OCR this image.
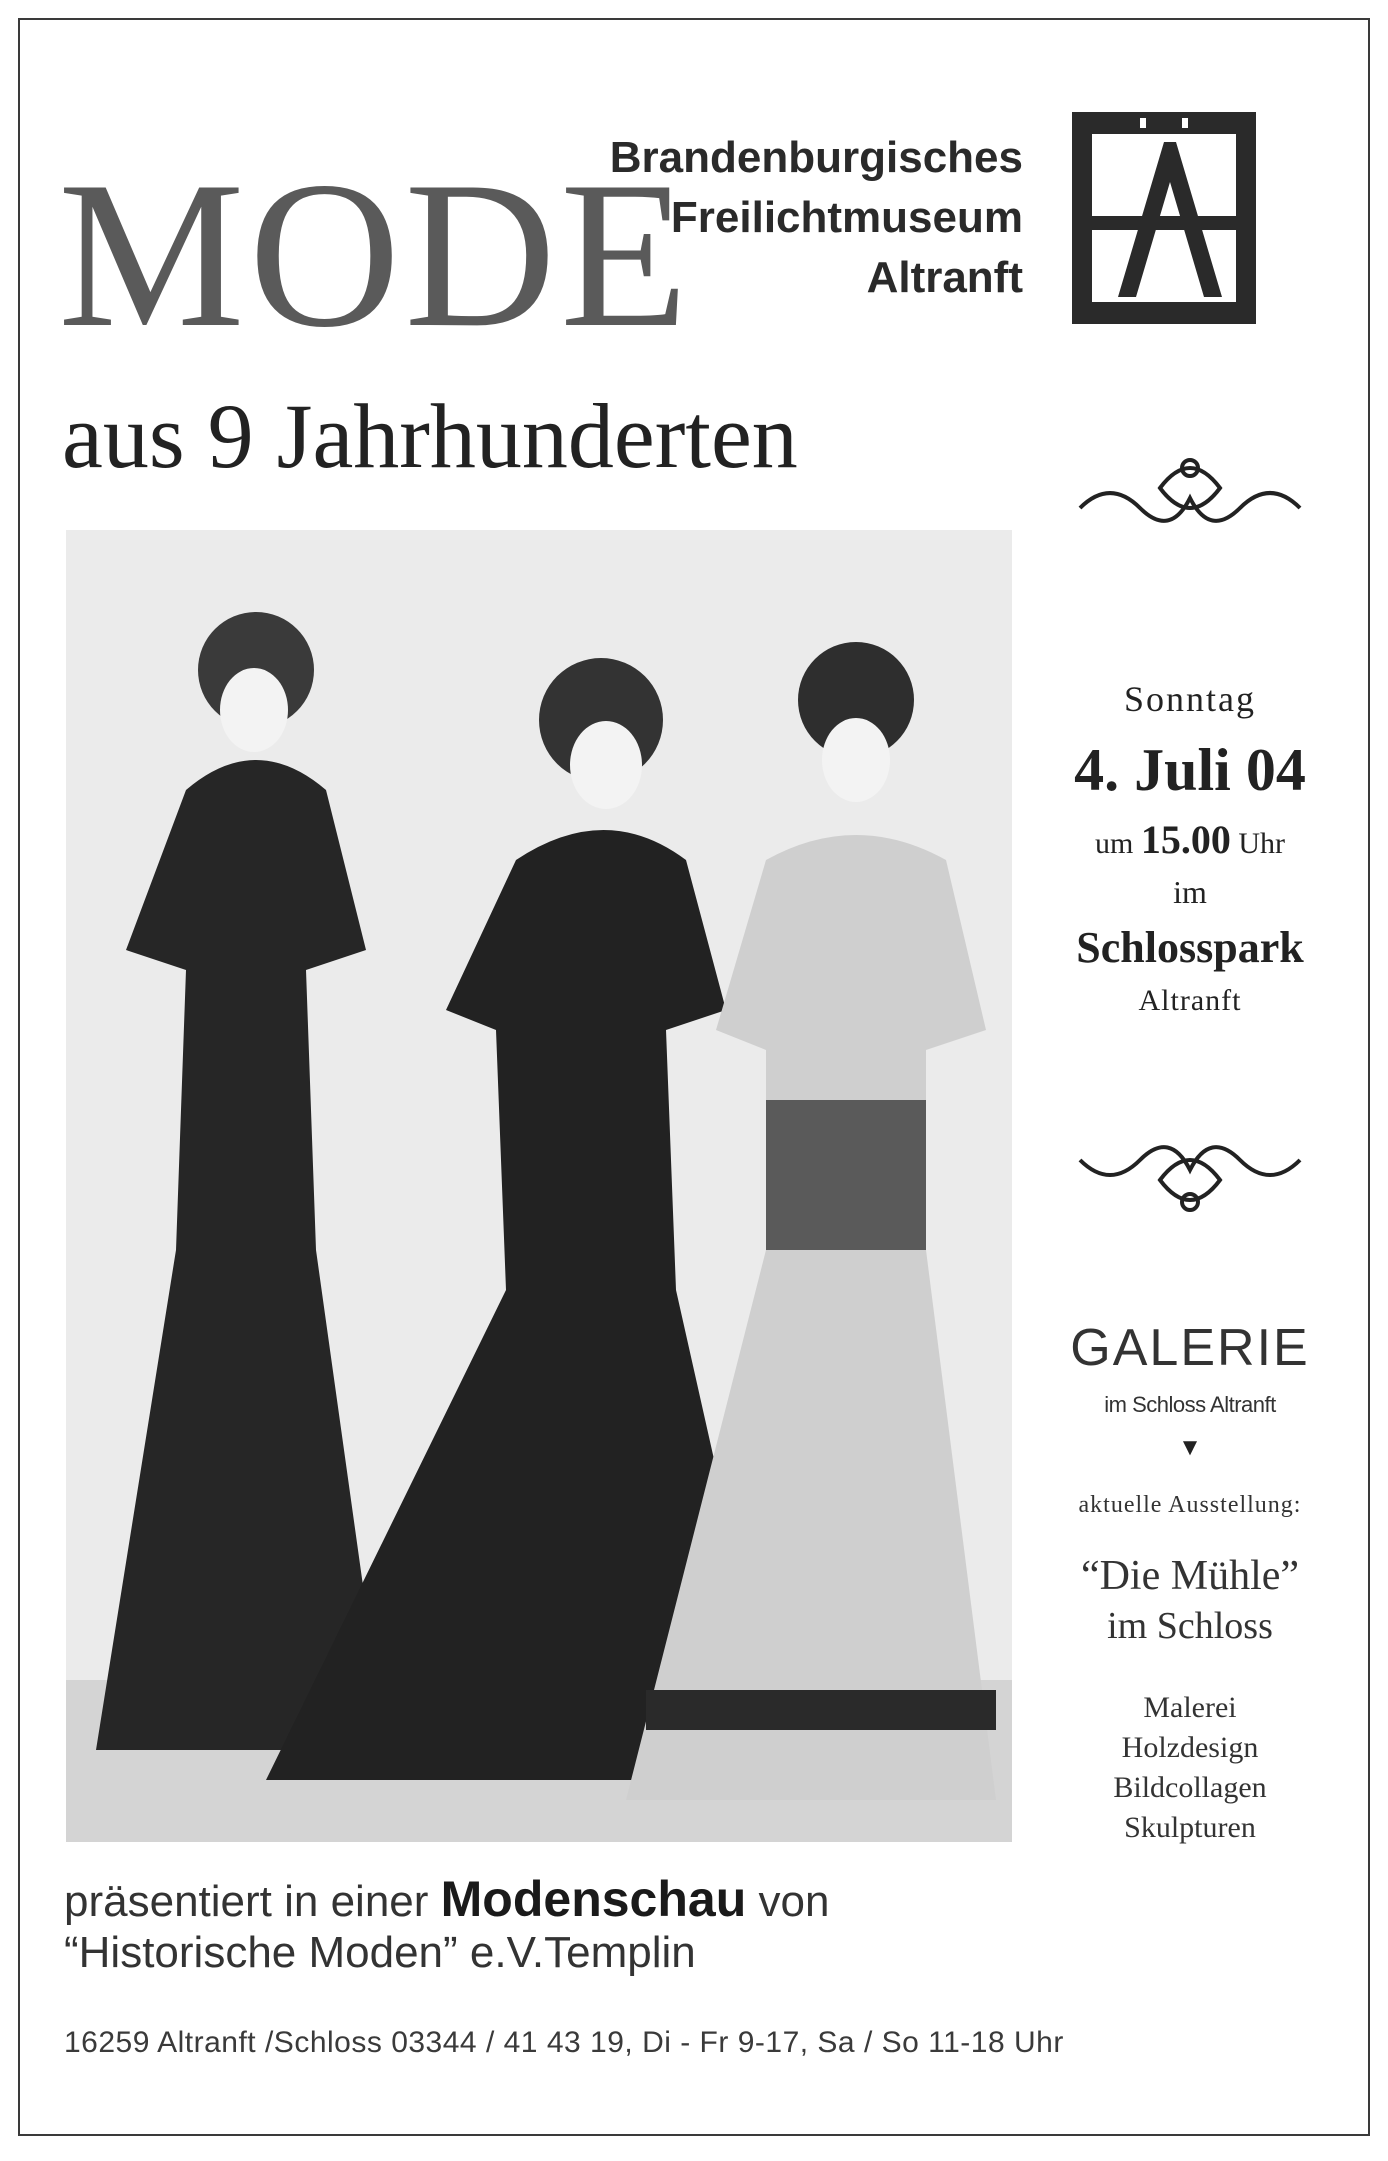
MODE
Brandenburgisches
Freilichtmuseum
Altranft
aus 9 Jahrhunderten
Sonntag
4. Juli 04
um 15.00 Uhr
im
Schlosspark
Altranft
GALERIE
im Schloss Altranft
▼
aktuelle Ausstellung:
“Die Mühle”
im Schloss
Malerei
Holzdesign
Bildcollagen
Skulpturen

präsentiert in einer Modenschau von

“Historische Moden” e.V.Templin

16259 Altranft /Schloss 03344 / 41 43 19, Di - Fr 9-17, Sa / So 11-18 Uhr
